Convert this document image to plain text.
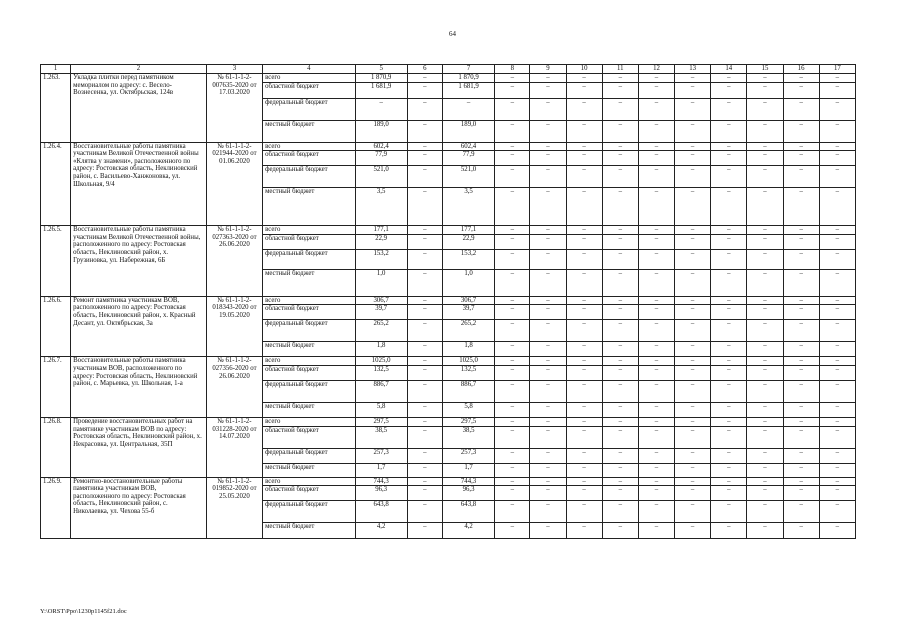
64
1	2	3	4	5	6	7	8	9	10	11	12	13	14	15	16	17
1.263.	Укладка плитки перед памятником мемориалом по адресу: с. Весело-Вознесенка, ул. Октябрьская, 124в	№ 61-1-1-2-007635-2020 от 17.03.2020	всего	1 870,9	–	1 870,9	–	–	–	–	–	–	–	–	–	–
			областной бюджет	1 681,9	–	1 681,9	–	–	–	–	–	–	–	–	–	–
			федеральный бюджет	–	–	–	–	–	–	–	–	–	–	–	–	–
			местный бюджет	189,0	–	189,0	–	–	–	–	–	–	–	–	–	–
1.26.4.	Восстановительные работы памятника участникам Великой Отечественной войны «Клятва у знамени», расположенного по адресу: Ростовская область, Неклиновский район, с. Васильево-Ханжоновка, ул. Школьная, 9/4	№ 61-1-1-2-021944-2020 от 01.06.2020	всего	602,4	–	602,4	–	–	–	–	–	–	–	–	–	–
			областной бюджет	77,9	–	77,9	–	–	–	–	–	–	–	–	–	–
			федеральный бюджет	521,0	–	521,0	–	–	–	–	–	–	–	–	–	–
			местный бюджет	3,5	–	3,5	–	–	–	–	–	–	–	–	–	–
1.26.5.	Восстановительные работы памятника участникам Великой Отечественной войны, расположенного по адресу: Ростовская область, Неклиновский район, х. Грузиновка, ул. Набережная, 6Б	№ 61-1-1-2-027363-2020 от 26.06.2020	всего	177,1	–	177,1	–	–	–	–	–	–	–	–	–	–
			областной бюджет	22,9	–	22,9	–	–	–	–	–	–	–	–	–	–
			федеральный бюджет	153,2	–	153,2	–	–	–	–	–	–	–	–	–	–
			местный бюджет	1,0	–	1,0	–	–	–	–	–	–	–	–	–	–
1.26.6.	Ремонт памятника участникам ВОВ, расположенного по адресу: Ростовская область, Неклиновский район, х. Красный Десант, ул. Октябрьская, 3а	№ 61-1-1-2-018343-2020 от 19.05.2020	всего	306,7	–	306,7	–	–	–	–	–	–	–	–	–	–
			областной бюджет	39,7	–	39,7	–	–	–	–	–	–	–	–	–	–
			федеральный бюджет	265,2	–	265,2	–	–	–	–	–	–	–	–	–	–
			местный бюджет	1,8	–	1,8	–	–	–	–	–	–	–	–	–	–
1.26.7.	Восстановительные работы памятника участникам ВОВ, расположенного по адресу: Ростовская область, Неклиновский район, с. Марьевка, ул. Школьная, 1-а	№ 61-1-1-2-027356-2020 от 26.06.2020	всего	1025,0	–	1025,0	–	–	–	–	–	–	–	–	–	–
			областной бюджет	132,5	–	132,5	–	–	–	–	–	–	–	–	–	–
			федеральный бюджет	886,7	–	886,7	–	–	–	–	–	–	–	–	–	–
			местный бюджет	5,8	–	5,8	–	–	–	–	–	–	–	–	–	–
1.26.8.	Проведение восстановительных работ на памятнике участникам ВОВ по адресу: Ростовская область, Неклиновский район, х. Некрасовка, ул. Центральная, 35П	№ 61-1-1-2-031228-2020 от 14.07.2020	всего	297,5	–	297,5	–	–	–	–	–	–	–	–	–	–
			областной бюджет	38,5	–	38,5	–	–	–	–	–	–	–	–	–	–
			федеральный бюджет	257,3	–	257,3	–	–	–	–	–	–	–	–	–	–
			местный бюджет	1,7	–	1,7	–	–	–	–	–	–	–	–	–	–
1.26.9.	Ремонтно-восстановительные работы памятника участникам ВОВ, расположенного по адресу: Ростовская область, Неклиновский район, с. Николаевка, ул. Чехова 55-б	№ 61-1-1-2-019852-2020 от 25.05.2020	всего	744,3	–	744,3	–	–	–	–	–	–	–	–	–	–
			областной бюджет	96,3	–	96,3	–	–	–	–	–	–	–	–	–	–
			федеральный бюджет	643,8	–	643,8	–	–	–	–	–	–	–	–	–	–
			местный бюджет	4,2	–	4,2	–	–	–	–	–	–	–	–	–	–
Y:\ORST\Ppo\1230p1145f21.doc
